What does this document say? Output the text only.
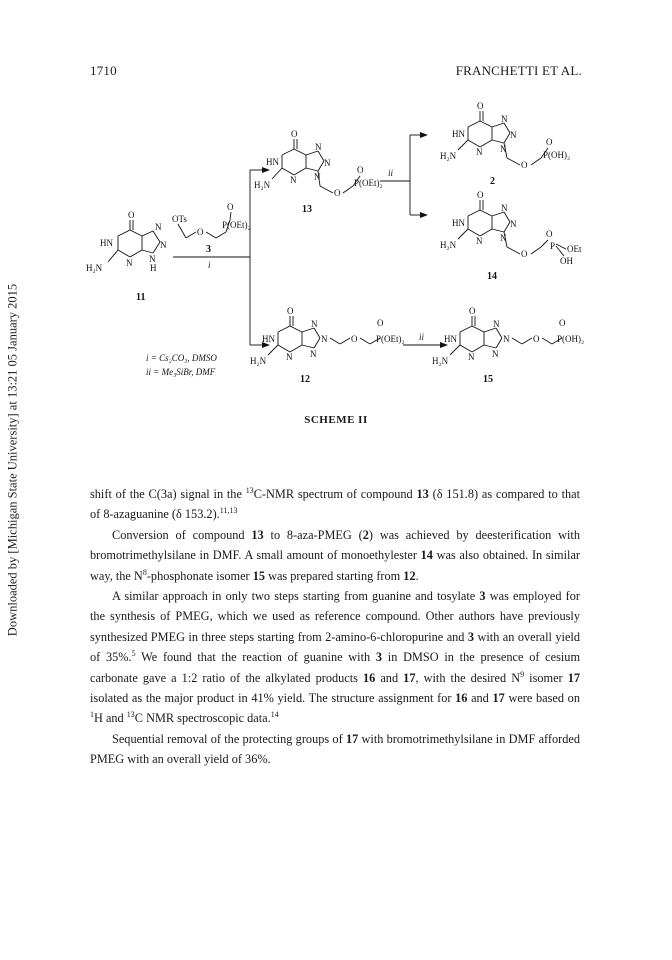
Downloaded by [Michigan State University] at 13:21 05 January 2015
1710	FRANCHETTI ET AL.
O
HN
N
N
N
H
N
H₂N
11
OTs
O
O
P(OEt)₂
3
i
O
HN
N
N
N
N
H₂N
O
O
P(OEt)₂
13
ii
O
HN
N
N
N
N
H₂N
O
O
P(OH)₂
2
O
HN
N
N
N
N
H₂N
O
O
P OEt
OH
14
O
HN
N
N
N
N
H₂N
O
O
P(OEt)₂
12
ii
O
HN
N
N
N
N
H₂N
O
O
P(OH)₂
15
i = Cs₂CO₃, DMSO
ii = Me₃SiBr, DMF
SCHEME II

shift of the C(3a) signal in the $^{13}$C-NMR spectrum of compound 13 (δ 151.8) as compared to that of 8-azaguanine (δ 153.2).$^{11,13}$

Conversion of compound 13 to 8-aza-PMEG (2) was achieved by deesterification with bromotrimethylsilane in DMF. A small amount of monoethylester 14 was also obtained. In similar way, the $N^8$-phosphonate isomer 15 was prepared starting from 12.

A similar approach in only two steps starting from guanine and tosylate 3 was employed for the synthesis of PMEG, which we used as reference compound. Other authors have previously synthesized PMEG in three steps starting from 2-amino-6-chloropurine and 3 with an overall yield of 35%.$^5$ We found that the reaction of guanine with 3 in DMSO in the presence of cesium carbonate gave a 1:2 ratio of the alkylated products 16 and 17, with the desired $N^9$ isomer 17 isolated as the major product in 41% yield. The structure assignment for 16 and 17 were based on $^1$H and $^{13}$C NMR spectroscopic data.$^{14}$

Sequential removal of the protecting groups of 17 with bromotrimethylsilane in DMF afforded PMEG with an overall yield of 36%.
